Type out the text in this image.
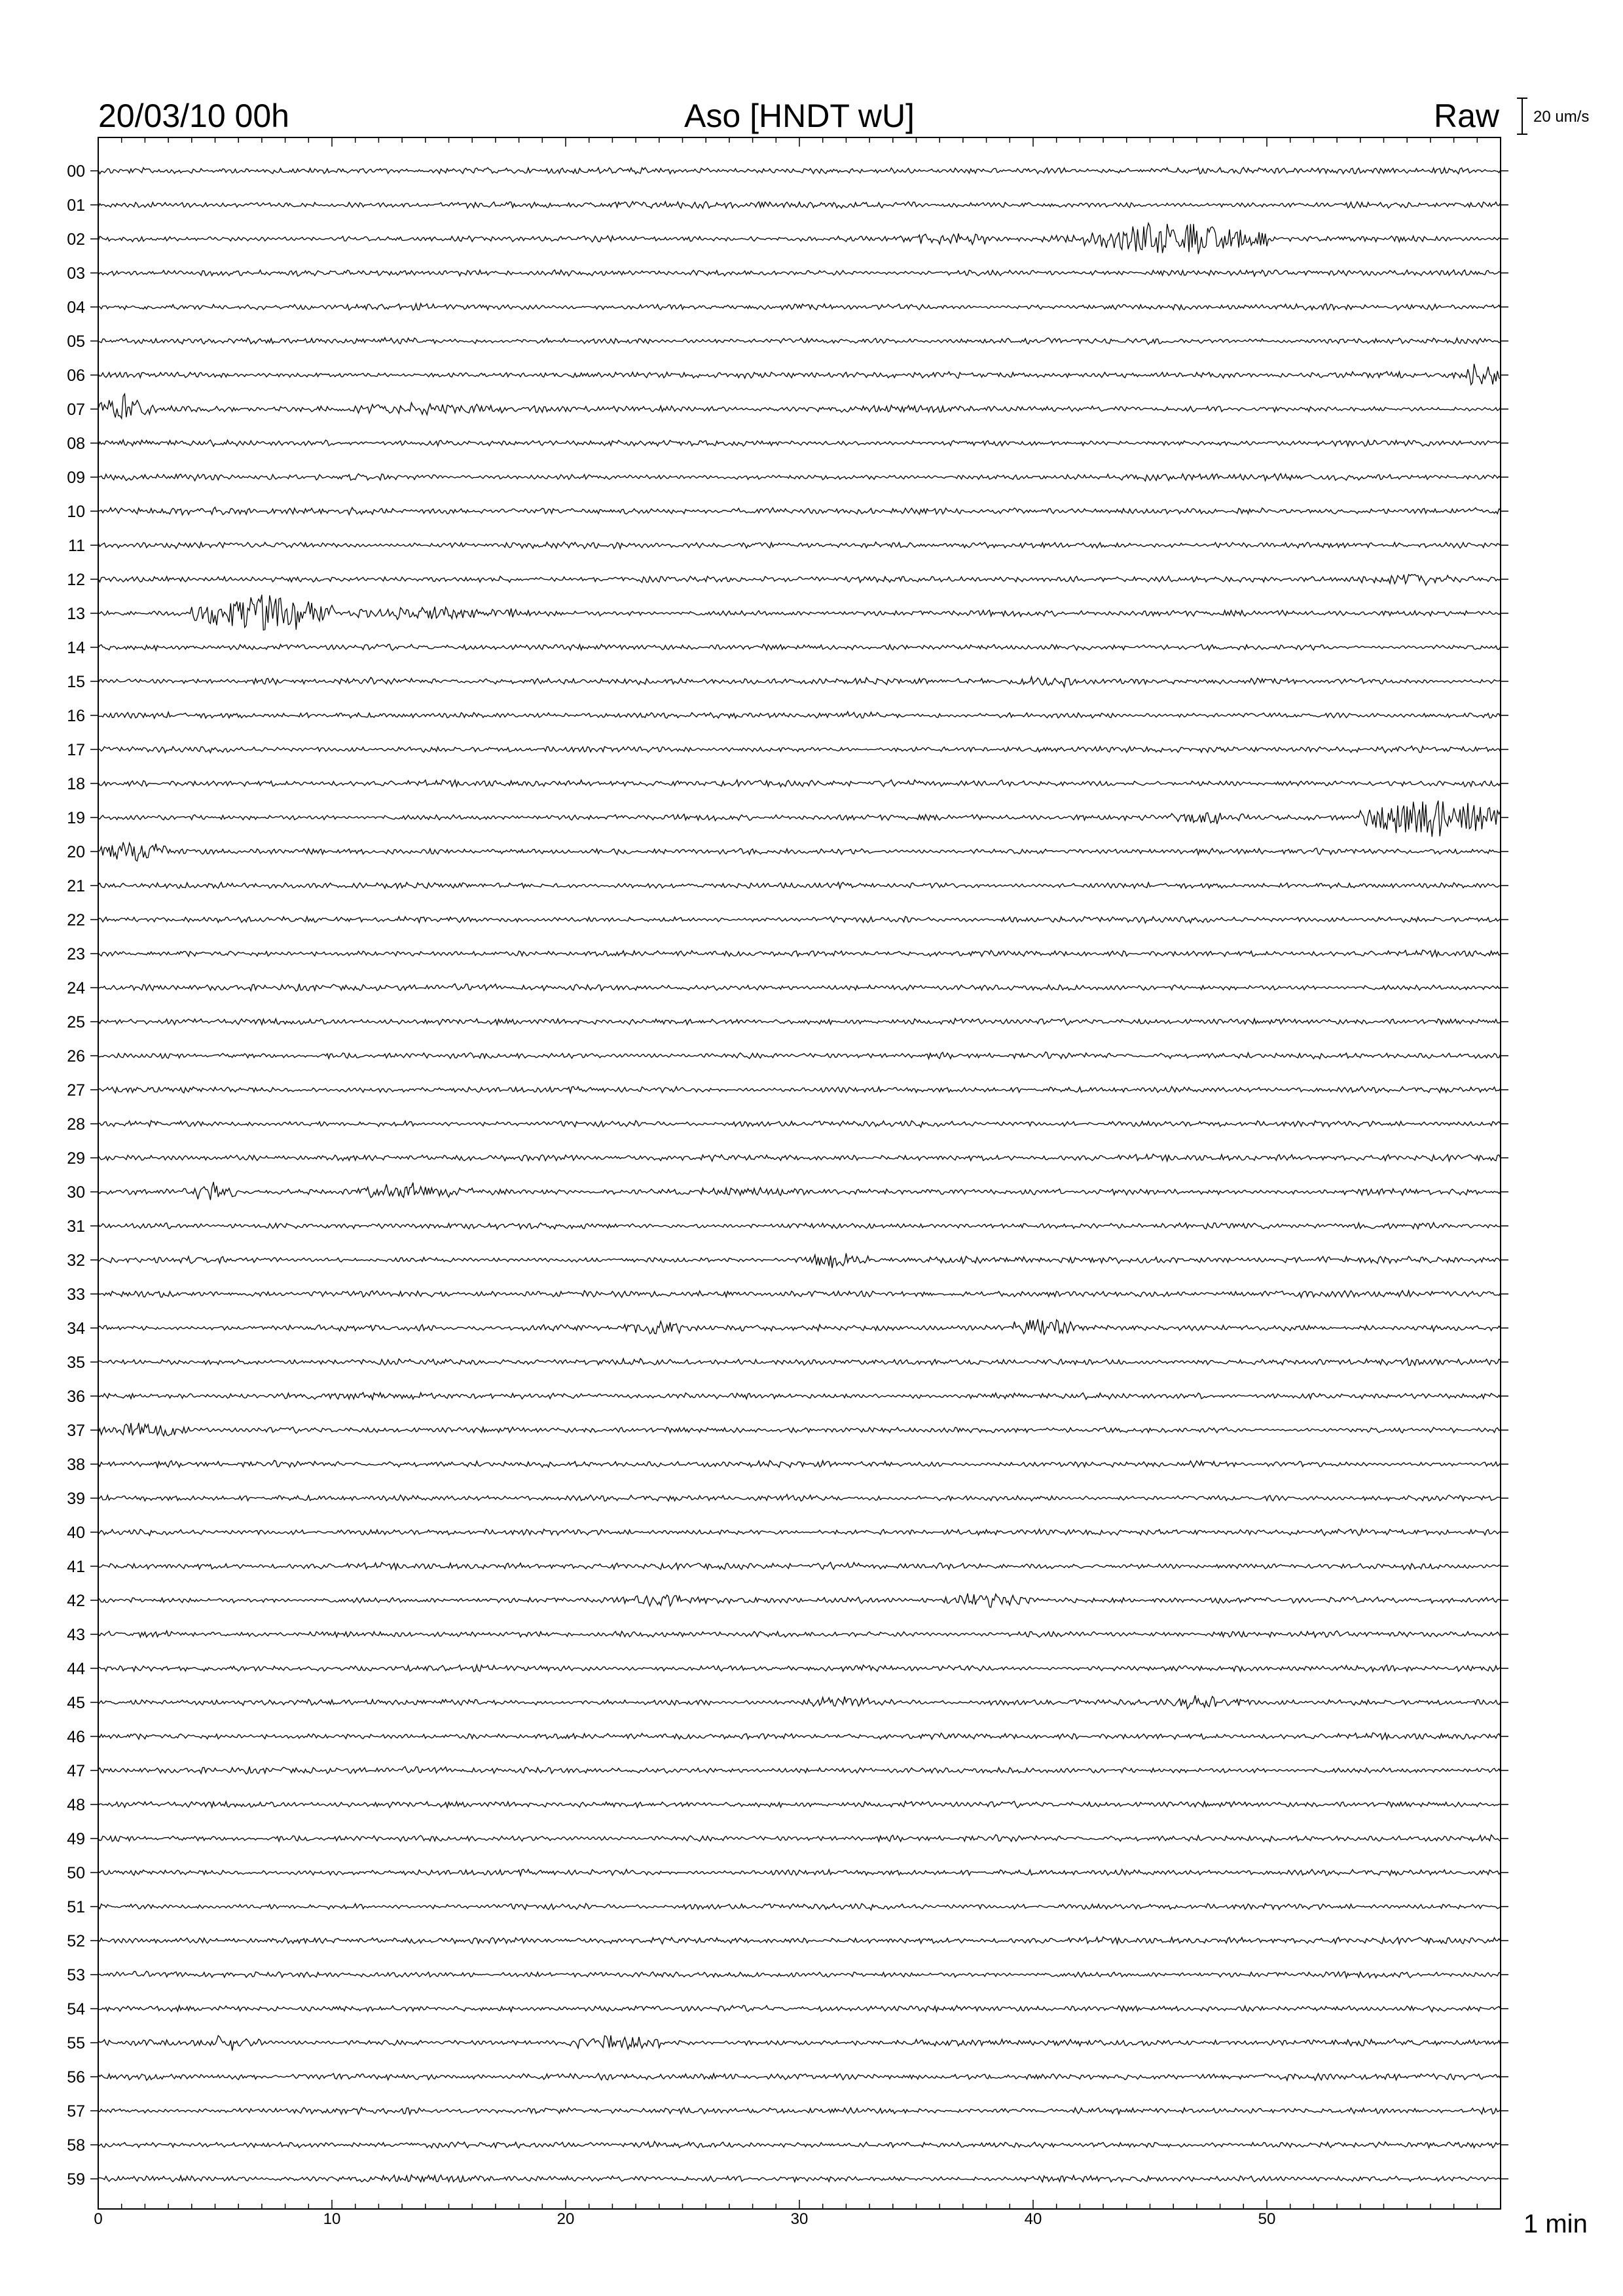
00
01
02
03
04
05
06
07
08
09
10
11
12
13
14
15
16
17
18
19
20
21
22
23
24
25
26
27
28
29
30
31
32
33
34
35
36
37
38
39
40
41
42
43
44
45
46
47
48
49
50
51
52
53
54
55
56
57
58
59
0	10	20	30	40	50
20/03/10 00h	Aso [HNDT wU]	Raw 20 um/s
1 min
